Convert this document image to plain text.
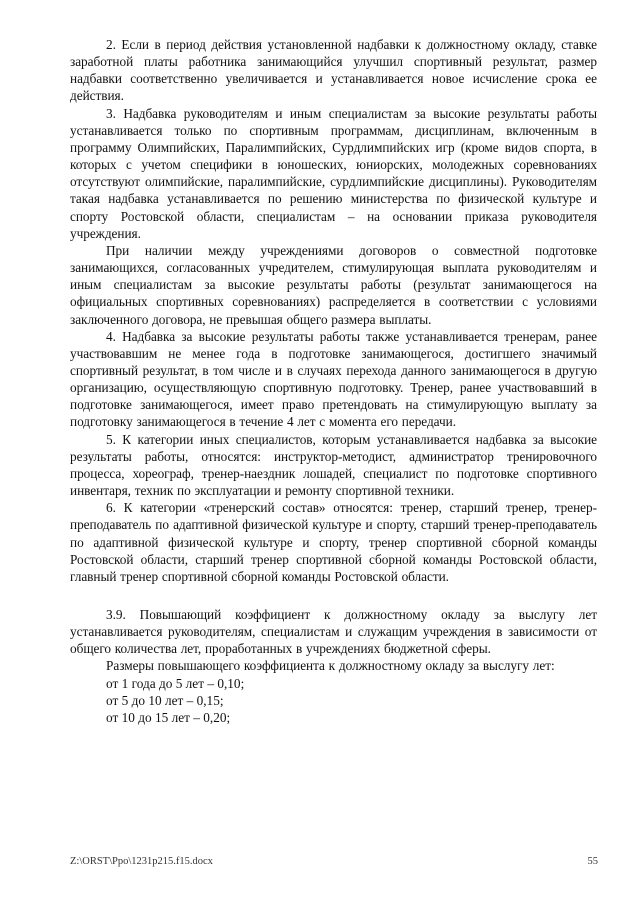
2. Если в период действия установленной надбавки к должностному окладу, ставке заработной платы работника занимающийся улучшил спортивный результат, размер надбавки соответственно увеличивается и устанавливается новое исчисление срока ее действия.

3. Надбавка руководителям и иным специалистам за высокие результаты работы устанавливается только по спортивным программам, дисциплинам, включенным в программу Олимпийских, Паралимпийских, Сурдлимпийских игр (кроме видов спорта, в которых с учетом специфики в юношеских, юниорских, молодежных соревнованиях отсутствуют олимпийские, паралимпийские, сурдлимпийские дисциплины). Руководителям такая надбавка устанавливается по решению министерства по физической культуре и спорту Ростовской области, специалистам – на основании приказа руководителя учреждения.

При наличии между учреждениями договоров о совместной подготовке занимающихся, согласованных учредителем, стимулирующая выплата руководителям и иным специалистам за высокие результаты работы (результат занимающегося на официальных спортивных соревнованиях) распределяется в соответствии с условиями заключенного договора, не превышая общего размера выплаты.

4. Надбавка за высокие результаты работы также устанавливается тренерам, ранее участвовавшим не менее года в подготовке занимающегося, достигшего значимый спортивный результат, в том числе и в случаях перехода данного занимающегося в другую организацию, осуществляющую спортивную подготовку. Тренер, ранее участвовавший в подготовке занимающегося, имеет право претендовать на стимулирующую выплату за подготовку занимающегося в течение 4 лет с момента его передачи.

5. К категории иных специалистов, которым устанавливается надбавка за высокие результаты работы, относятся: инструктор-методист, администратор тренировочного процесса, хореограф, тренер-наездник лошадей, специалист по подготовке спортивного инвентаря, техник по эксплуатации и ремонту спортивной техники.

6. К категории «тренерский состав» относятся: тренер, старший тренер, тренер-преподаватель по адаптивной физической культуре и спорту, старший тренер-преподаватель по адаптивной физической культуре и спорту, тренер спортивной сборной команды Ростовской области, старший тренер спортивной сборной команды Ростовской области, главный тренер спортивной сборной команды Ростовской области.

3.9. Повышающий коэффициент к должностному окладу за выслугу лет устанавливается руководителям, специалистам и служащим учреждения в зависимости от общего количества лет, проработанных в учреждениях бюджетной сферы.

Размеры повышающего коэффициента к должностному окладу за выслугу лет:

от 1 года до 5 лет – 0,10;

от 5 до 10 лет – 0,15;

от 10 до 15 лет – 0,20;

Z:\ORST\Ppo\1231p215.f15.docx	55
